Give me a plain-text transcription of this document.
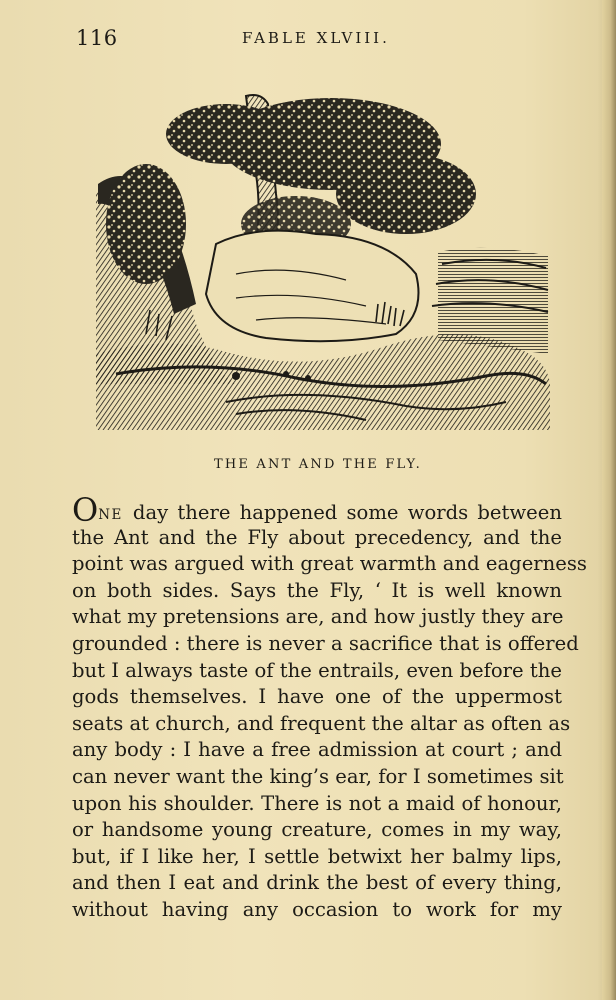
116	FABLE XLVIII.
THE ANT AND THE FLY.
ONE day there happened some words between
the Ant and the Fly about precedency, and the
point was argued with great warmth and eagerness
on both sides. Says the Fly, ‘ It is well known
what my pretensions are, and how justly they are
grounded : there is never a sacrifice that is offered
but I always taste of the entrails, even before the
gods themselves. I have one of the uppermost
seats at church, and frequent the altar as often as
any body : I have a free admission at court ; and
can never want the king’s ear, for I sometimes sit
upon his shoulder. There is not a maid of honour,
or handsome young creature, comes in my way,
but, if I like her, I settle betwixt her balmy lips,
and then I eat and drink the best of every thing,
without having any occasion to work for my
